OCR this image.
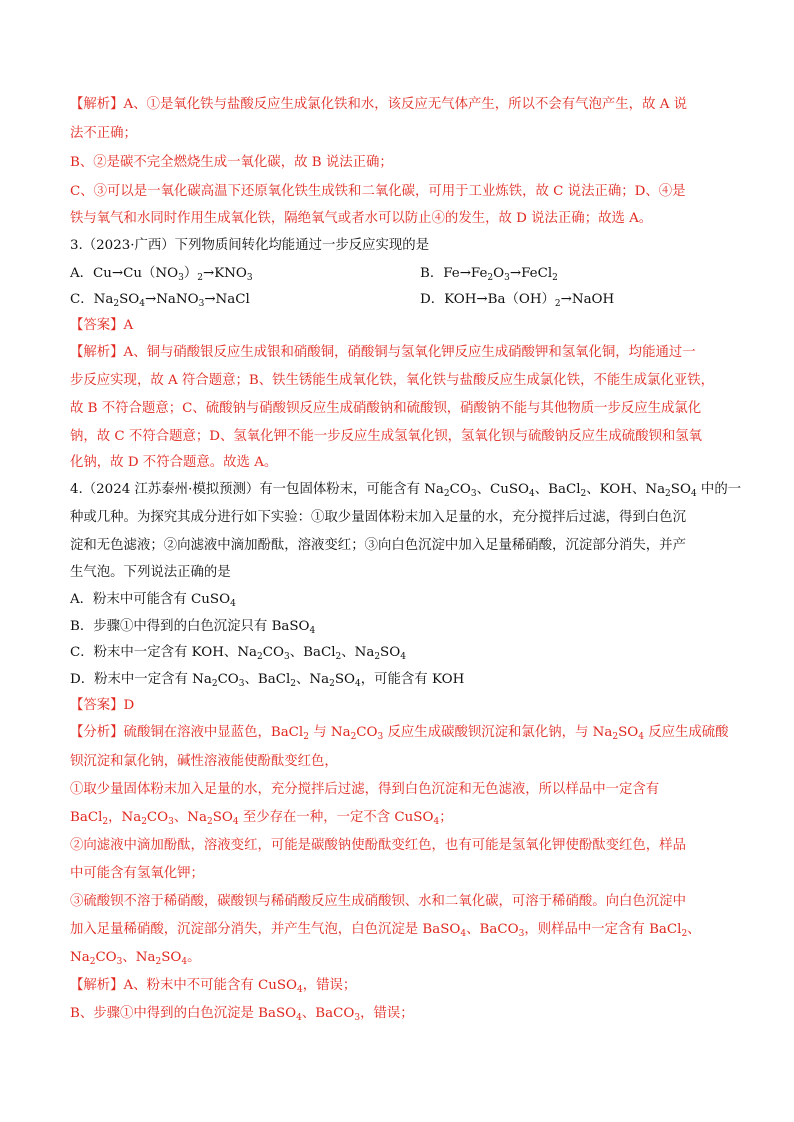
【解析】A、①是氧化铁与盐酸反应生成氯化铁和水，该反应无气体产生，所以不会有气泡产生，故 A 说
法不正确；
B、②是碳不完全燃烧生成一氧化碳，故 B 说法正确；
C、③可以是一氧化碳高温下还原氧化铁生成铁和二氧化碳，可用于工业炼铁，故 C 说法正确；D、④是
铁与氧气和水同时作用生成氧化铁，隔绝氧气或者水可以防止④的发生，故 D 说法正确；故选 A。
3.（2023·广西）下列物质间转化均能通过一步反应实现的是
A．$Cu\to Cu(NO_3)_2\to KNO_3$	B．$Fe\to Fe_2O_3\to FeCl_2$
C．$Na_2SO_4\to NaNO_3\to NaCl$	D．$KOH\to Ba(OH)_2\to NaOH$
【答案】A
【解析】A、铜与硝酸银反应生成银和硝酸铜，硝酸铜与氢氧化钾反应生成硝酸钾和氢氧化铜，均能通过一
步反应实现，故 A 符合题意；B、铁生锈能生成氧化铁，氧化铁与盐酸反应生成氯化铁，不能生成氯化亚铁，
故 B 不符合题意；C、硫酸钠与硝酸钡反应生成硝酸钠和硫酸钡，硝酸钠不能与其他物质一步反应生成氯化
钠，故 C 不符合题意；D、氢氧化钾不能一步反应生成氢氧化钡，氢氧化钡与硫酸钠反应生成硫酸钡和氢氧
化钠，故 D 不符合题意。故选 A。
4.（2024 江苏泰州·模拟预测）有一包固体粉末，可能含有 $Na_2CO_3$、CuSO$_4$、BaCl$_2$、KOH、$Na_2SO_4$ 中的一
种或几种。为探究其成分进行如下实验：①取少量固体粉末加入足量的水，充分搅拌后过滤，得到白色沉
淀和无色滤液；②向滤液中滴加酚酞，溶液变红；③向白色沉淀中加入足量稀硝酸，沉淀部分消失，并产
生气泡。下列说法正确的是
A．粉末中可能含有 CuSO$_4$
B．步骤①中得到的白色沉淀只有 BaSO$_4$
C．粉末中一定含有 KOH、$Na_2CO_3$、BaCl$_2$、$Na_2SO_4$
D．粉末中一定含有 $Na_2CO_3$、BaCl$_2$、$Na_2SO_4$，可能含有 KOH
【答案】D
【分析】硫酸铜在溶液中显蓝色，BaCl$_2$ 与 $Na_2CO_3$ 反应生成碳酸钡沉淀和氯化钠，与 $Na_2SO_4$ 反应生成硫酸
钡沉淀和氯化钠，碱性溶液能使酚酞变红色，
①取少量固体粉末加入足量的水，充分搅拌后过滤，得到白色沉淀和无色滤液，所以样品中一定含有
BaCl$_2$，$Na_2CO_3$、$Na_2SO_4$ 至少存在一种，一定不含 CuSO$_4$；
②向滤液中滴加酚酞，溶液变红，可能是碳酸钠使酚酞变红色，也有可能是氢氧化钾使酚酞变红色，样品
中可能含有氢氧化钾；
③硫酸钡不溶于稀硝酸，碳酸钡与稀硝酸反应生成硝酸钡、水和二氧化碳，可溶于稀硝酸。向白色沉淀中
加入足量稀硝酸，沉淀部分消失，并产生气泡，白色沉淀是 BaSO$_4$、BaCO$_3$，则样品中一定含有 BaCl$_2$、
$Na_2CO_3$、$Na_2SO_4$。
【解析】A、粉末中不可能含有 CuSO$_4$，错误；
B、步骤①中得到的白色沉淀是 BaSO$_4$、BaCO$_3$，错误；
